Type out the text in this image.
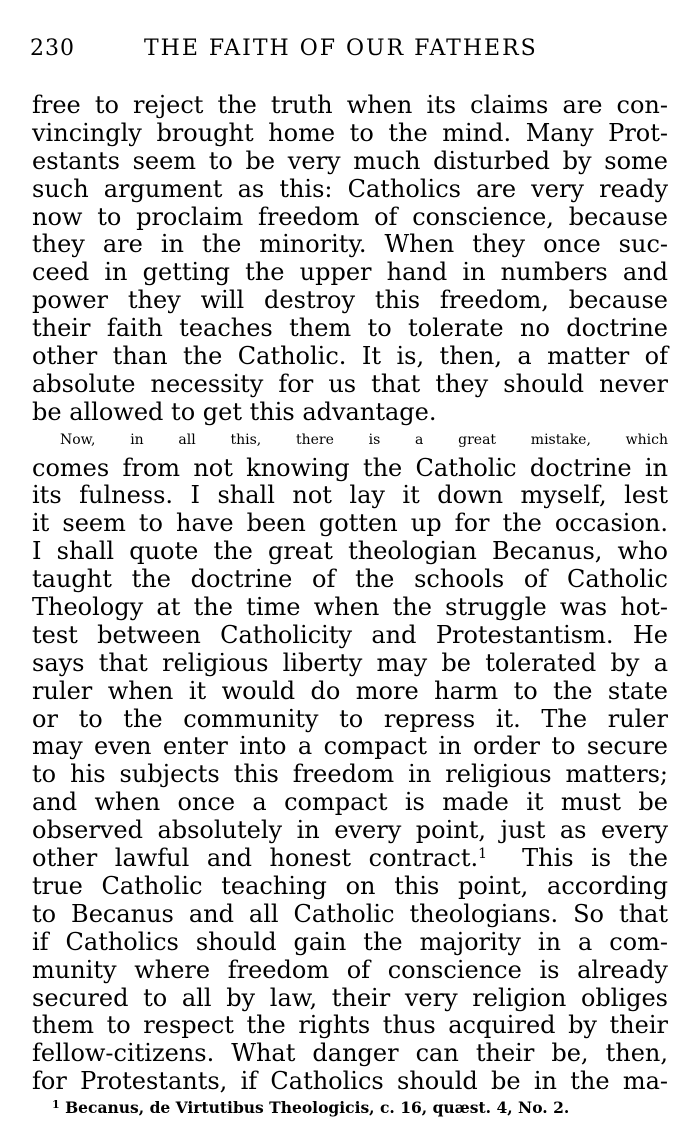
230	THE FAITH OF OUR FATHERS
free to reject the truth when its claims are con-
vincingly brought home to the mind. Many Prot-
estants seem to be very much disturbed by some
such argument as this: Catholics are very ready
now to proclaim freedom of conscience, because
they are in the minority. When they once suc-
ceed in getting the upper hand in numbers and
power they will destroy this freedom, because
their faith teaches them to tolerate no doctrine
other than the Catholic. It is, then, a matter of
absolute necessity for us that they should never
be allowed to get this advantage.
Now, in all this, there is a great mistake, which
comes from not knowing the Catholic doctrine in
its fulness. I shall not lay it down myself, lest
it seem to have been gotten up for the occasion.
I shall quote the great theologian Becanus, who
taught the doctrine of the schools of Catholic
Theology at the time when the struggle was hot-
test between Catholicity and Protestantism. He
says that religious liberty may be tolerated by a
ruler when it would do more harm to the state
or to the community to repress it. The ruler
may even enter into a compact in order to secure
to his subjects this freedom in religious matters;
and when once a compact is made it must be
observed absolutely in every point, just as every
other lawful and honest contract.$^1$  This is the
true Catholic teaching on this point, according
to Becanus and all Catholic theologians. So that
if Catholics should gain the majority in a com-
munity where freedom of conscience is already
secured to all by law, their very religion obliges
them to respect the rights thus acquired by their
fellow-citizens. What danger can their be, then,
for Protestants, if Catholics should be in the ma-
$^1$ Becanus, de Virtutibus Theologicis, c. 16, quæst. 4, No. 2.
